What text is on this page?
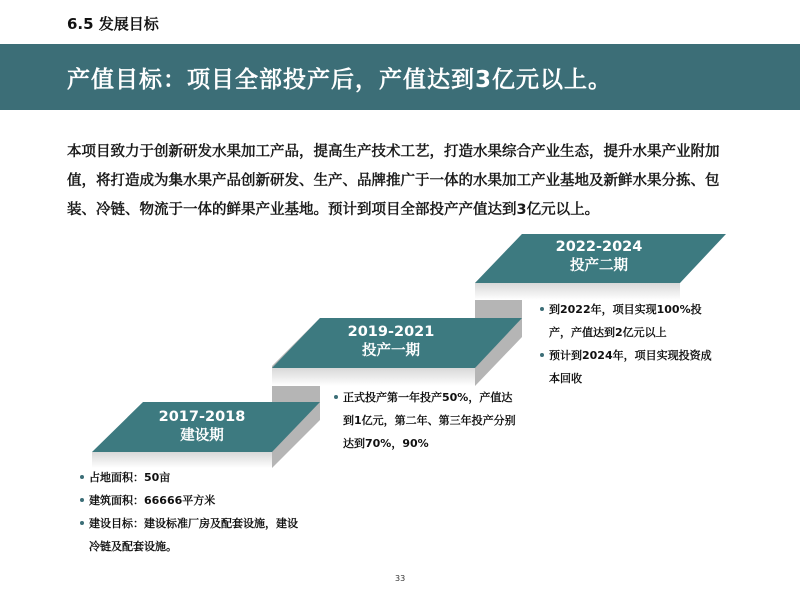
6.5 发展目标
产值目标：项目全部投产后，产值达到3亿元以上。
本项目致力于创新研发水果加工产品，提高生产技术工艺，打造水果综合产业生态，提升水果产业附加值，将打造成为集水果产品创新研发、生产、品牌推广于一体的水果加工产业基地及新鲜水果分拣、包装、冷链、物流于一体的鲜果产业基地。预计到项目全部投产产值达到3亿元以上。
2017-2018
建设期
2019-2021
投产一期
2022-2024
投产二期
占地面积：50亩
建筑面积：66666平方米
建设目标：建设标准厂房及配套设施，建设冷链及配套设施。
正式投产第一年投产50%，产值达到1亿元，第二年、第三年投产分别达到70%，90%
到2022年，项目实现100%投产，产值达到2亿元以上
预计到2024年，项目实现投资成本回收
33
